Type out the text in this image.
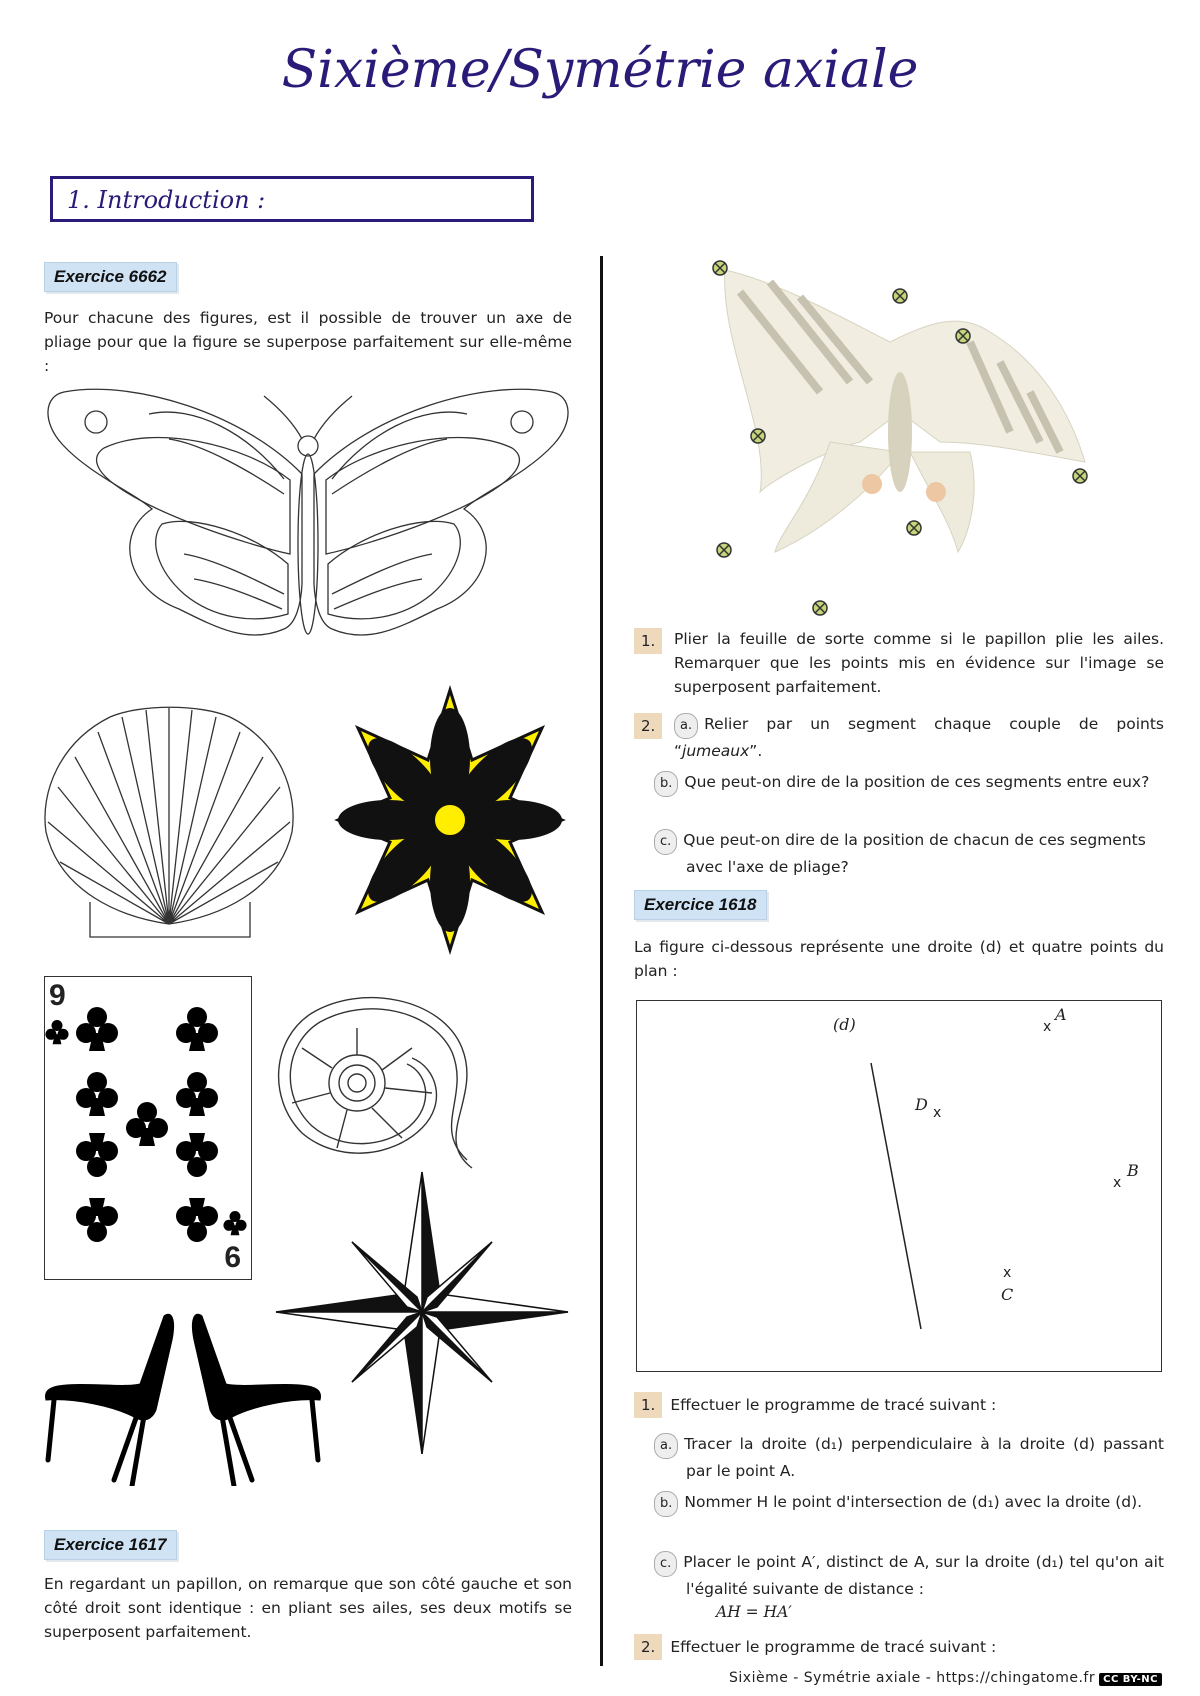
Sixième/Symétrie axiale
1. Introduction :
Exercice 6662
Pour chacune des figures, est il possible de trouver un axe de pliage pour que la figure se superpose parfaitement sur elle-même :
9
6
Exercice 1617
En regardant un papillon, on remarque que son côté gauche et son côté droit sont identique : en pliant ses ailes, ses deux motifs se superposent parfaitement.
1.	Plier la feuille de sorte comme si le papillon plie les ailes. Remarquer que les points mis en évidence sur l'image se superposent parfaitement.
2.	a. Relier par un segment chaque couple de points “jumeaux”.
b. Que peut-on dire de la position de ces segments entre eux?
c. Que peut-on dire de la position de chacun de ces segments avec l'axe de pliage?
Exercice 1618
La figure ci-dessous représente une droite (d) et quatre points du plan :
(d)	x
A
x
D
x
B
x
C
1. Effectuer le programme de tracé suivant :
a. Tracer la droite (d₁) perpendiculaire à la droite (d) passant par le point A.
b. Nommer H le point d'intersection de (d₁) avec la droite (d).
c. Placer le point A′, distinct de A, sur la droite (d₁) tel qu'on ait l'égalité suivante de distance :
AH = HA′
2. Effectuer le programme de tracé suivant :
Sixième - Symétrie axiale - https://chingatome.fr CC BY-NC
